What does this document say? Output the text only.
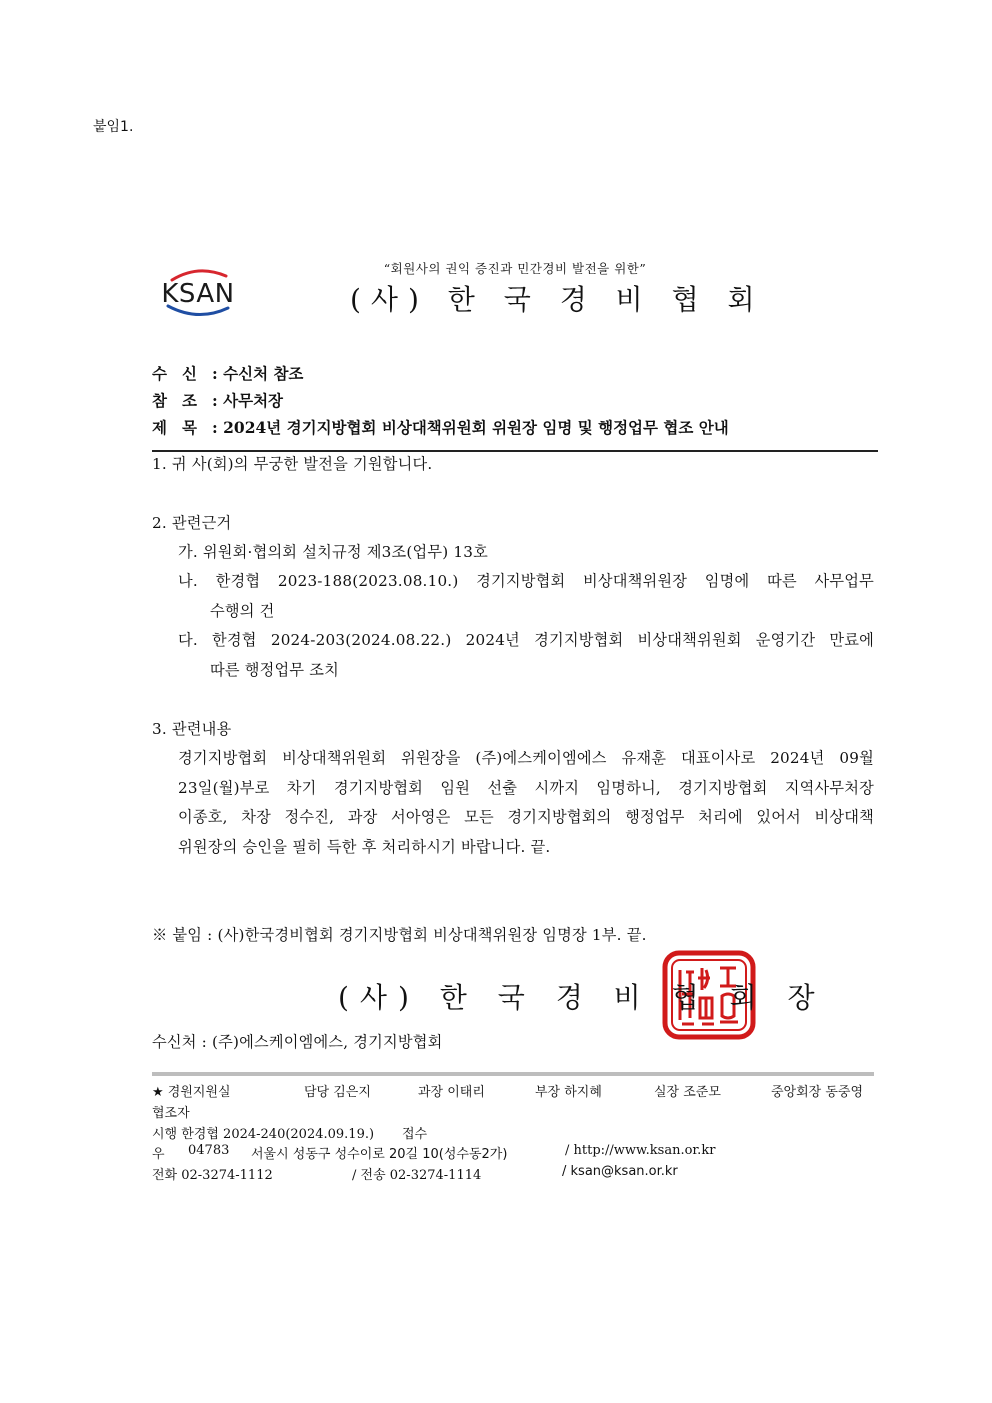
붙임1.
KSAN
“회원사의 권익 증진과 민간경비 발전을 위한”
(사) 한 국 경 비 협 회
수 신 : 수신처 참조
참 조 : 사무처장
제 목 : 2024년 경기지방협회 비상대책위원회 위원장 임명 및 행정업무 협조 안내
1. 귀 사(회)의 무궁한 발전을 기원합니다.
2. 관련근거
가. 위원회·협의회 설치규정 제3조(업무) 13호
나. 한경협 2023-188(2023.08.10.) 경기지방협회 비상대책위원장 임명에 따른 사무업무
수행의 건
다. 한경협 2024-203(2024.08.22.) 2024년 경기지방협회 비상대책위원회 운영기간 만료에
따른 행정업무 조치
3. 관련내용
경기지방협회 비상대책위원회 위원장을 (주)에스케이엠에스 유재훈 대표이사로 2024년 09월
23일(월)부로 차기 경기지방협회 임원 선출 시까지 임명하니, 경기지방협회 지역사무처장
이종호, 차장 정수진, 과장 서아영은 모든 경기지방협회의 행정업무 처리에 있어서 비상대책
위원장의 승인을 필히 득한 후 처리하시기 바랍니다. 끝.
※ 붙임 : (사)한국경비협회 경기지방협회 비상대책위원장 임명장 1부. 끝.
(사) 한 국 경 비 협 회 장
수신처 : (주)에스케이엠에스, 경기지방협회
★ 경원지원실	담당 김은지	과장 이태리	부장 하지혜	실장 조준모	중앙회장 동중영
협조자
시행 한경협 2024-240(2024.09.19.) 접수
우 04783 서울시 성동구 성수이로 20길 10(성수동2가)	/ http://www.ksan.or.kr
전화 02-3274-1112	/ 전송 02-3274-1114	/ ksan@ksan.or.kr
